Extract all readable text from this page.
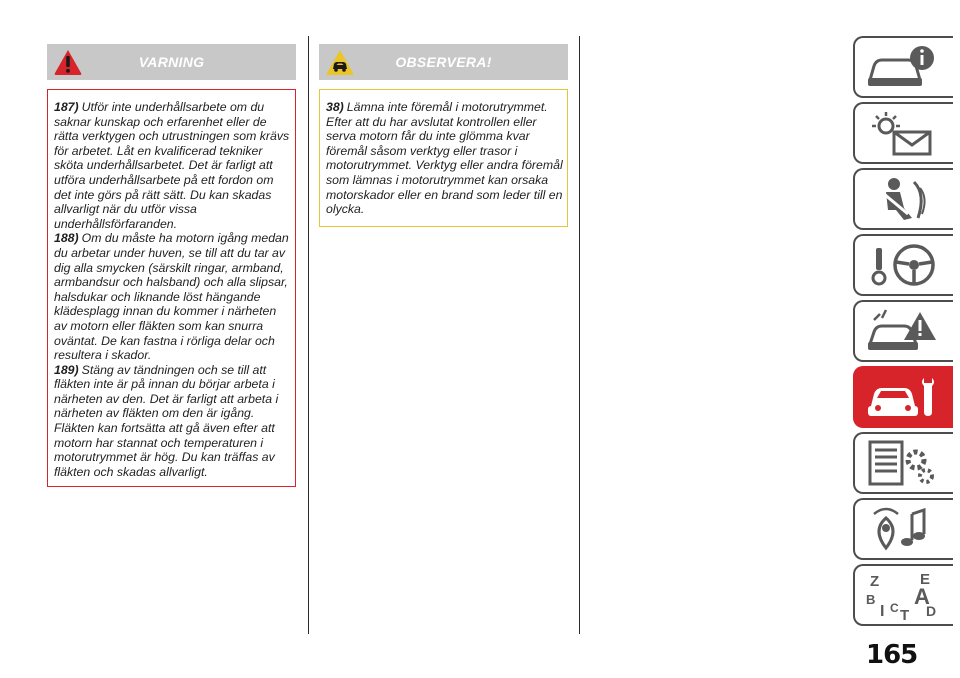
VARNING

187) Utför inte underhållsarbete om du saknar kunskap och erfarenhet eller de rätta verktygen och utrustningen som krävs för arbetet. Låt en kvalificerad tekniker sköta underhållsarbetet. Det är farligt att utföra underhållsarbete på ett fordon om det inte görs på rätt sätt. Du kan skadas allvarligt när du utför vissa underhållsförfaranden.

188) Om du måste ha motorn igång medan du arbetar under huven, se till att du tar av dig alla smycken (särskilt ringar, armband, armbandsur och halsband) och alla slipsar, halsdukar och liknande löst hängande klädesplagg innan du kommer i närheten av motorn eller fläkten som kan snurra oväntat. De kan fastna i rörliga delar och resultera i skador.

189) Stäng av tändningen och se till att fläkten inte är på innan du börjar arbeta i närheten av den. Det är farligt att arbeta i närheten av fläkten om den är igång. Fläkten kan fortsätta att gå även efter att motorn har stannat och temperaturen i motorutrymmet är hög. Du kan träffas av fläkten och skadas allvarligt.

OBSERVERA!

38) Lämna inte föremål i motorutrymmet. Efter att du har avslutat kontrollen eller serva motorn får du inte glömma kvar föremål såsom verktyg eller trasor i motorutrymmet. Verktyg eller andra föremål som lämnas i motorutrymmet kan orsaka motorskador eller en brand som leder till en olycka.

Z	E
B A
I C T D
165
